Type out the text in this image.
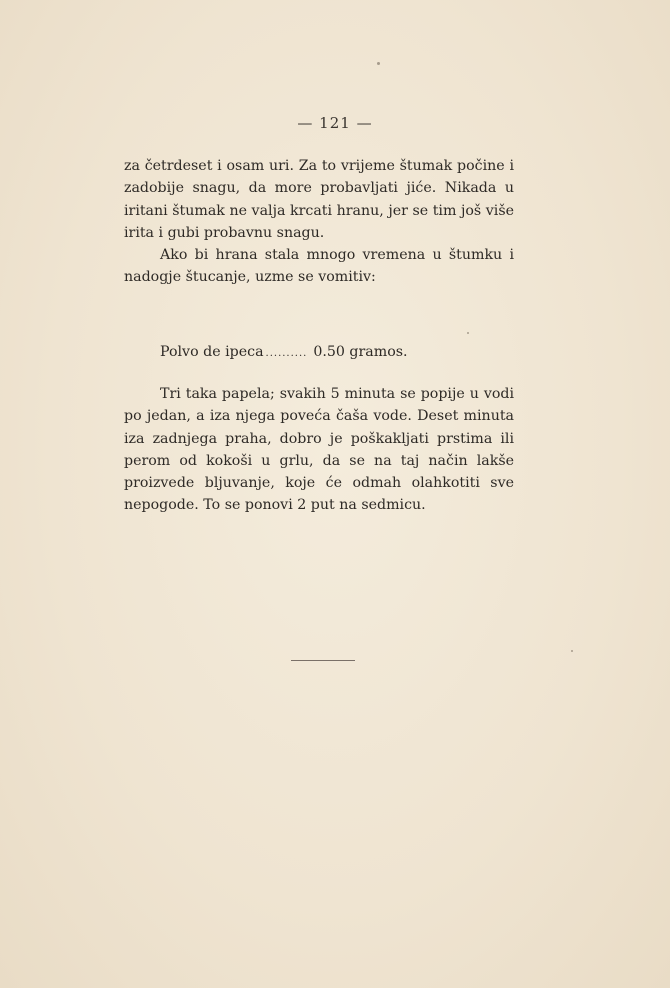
— 121 —

za četrdeset i osam uri. Za to vrijeme štumak počine i zadobije snagu, da more probavljati jiće. Nikada u iritani štumak ne valja krcati hranu, jer se tim još više irita i gubi probavnu snagu.

Ako bi hrana stala mnogo vremena u štumku i nadogje štucanje, uzme se vomitiv:

Polvo de ipeca .......... 0.50 gramos.

Tri taka papela; svakih 5 minuta se popije u vodi po jedan, a iza njega poveća čaša vode. Deset minuta iza zadnjega praha, dobro je poškakljati prstima ili perom od kokoši u grlu, da se na taj način lakše proizvede bljuvanje, koje će odmah olahkotiti sve nepogode. To se ponovi 2 put na sedmicu.
